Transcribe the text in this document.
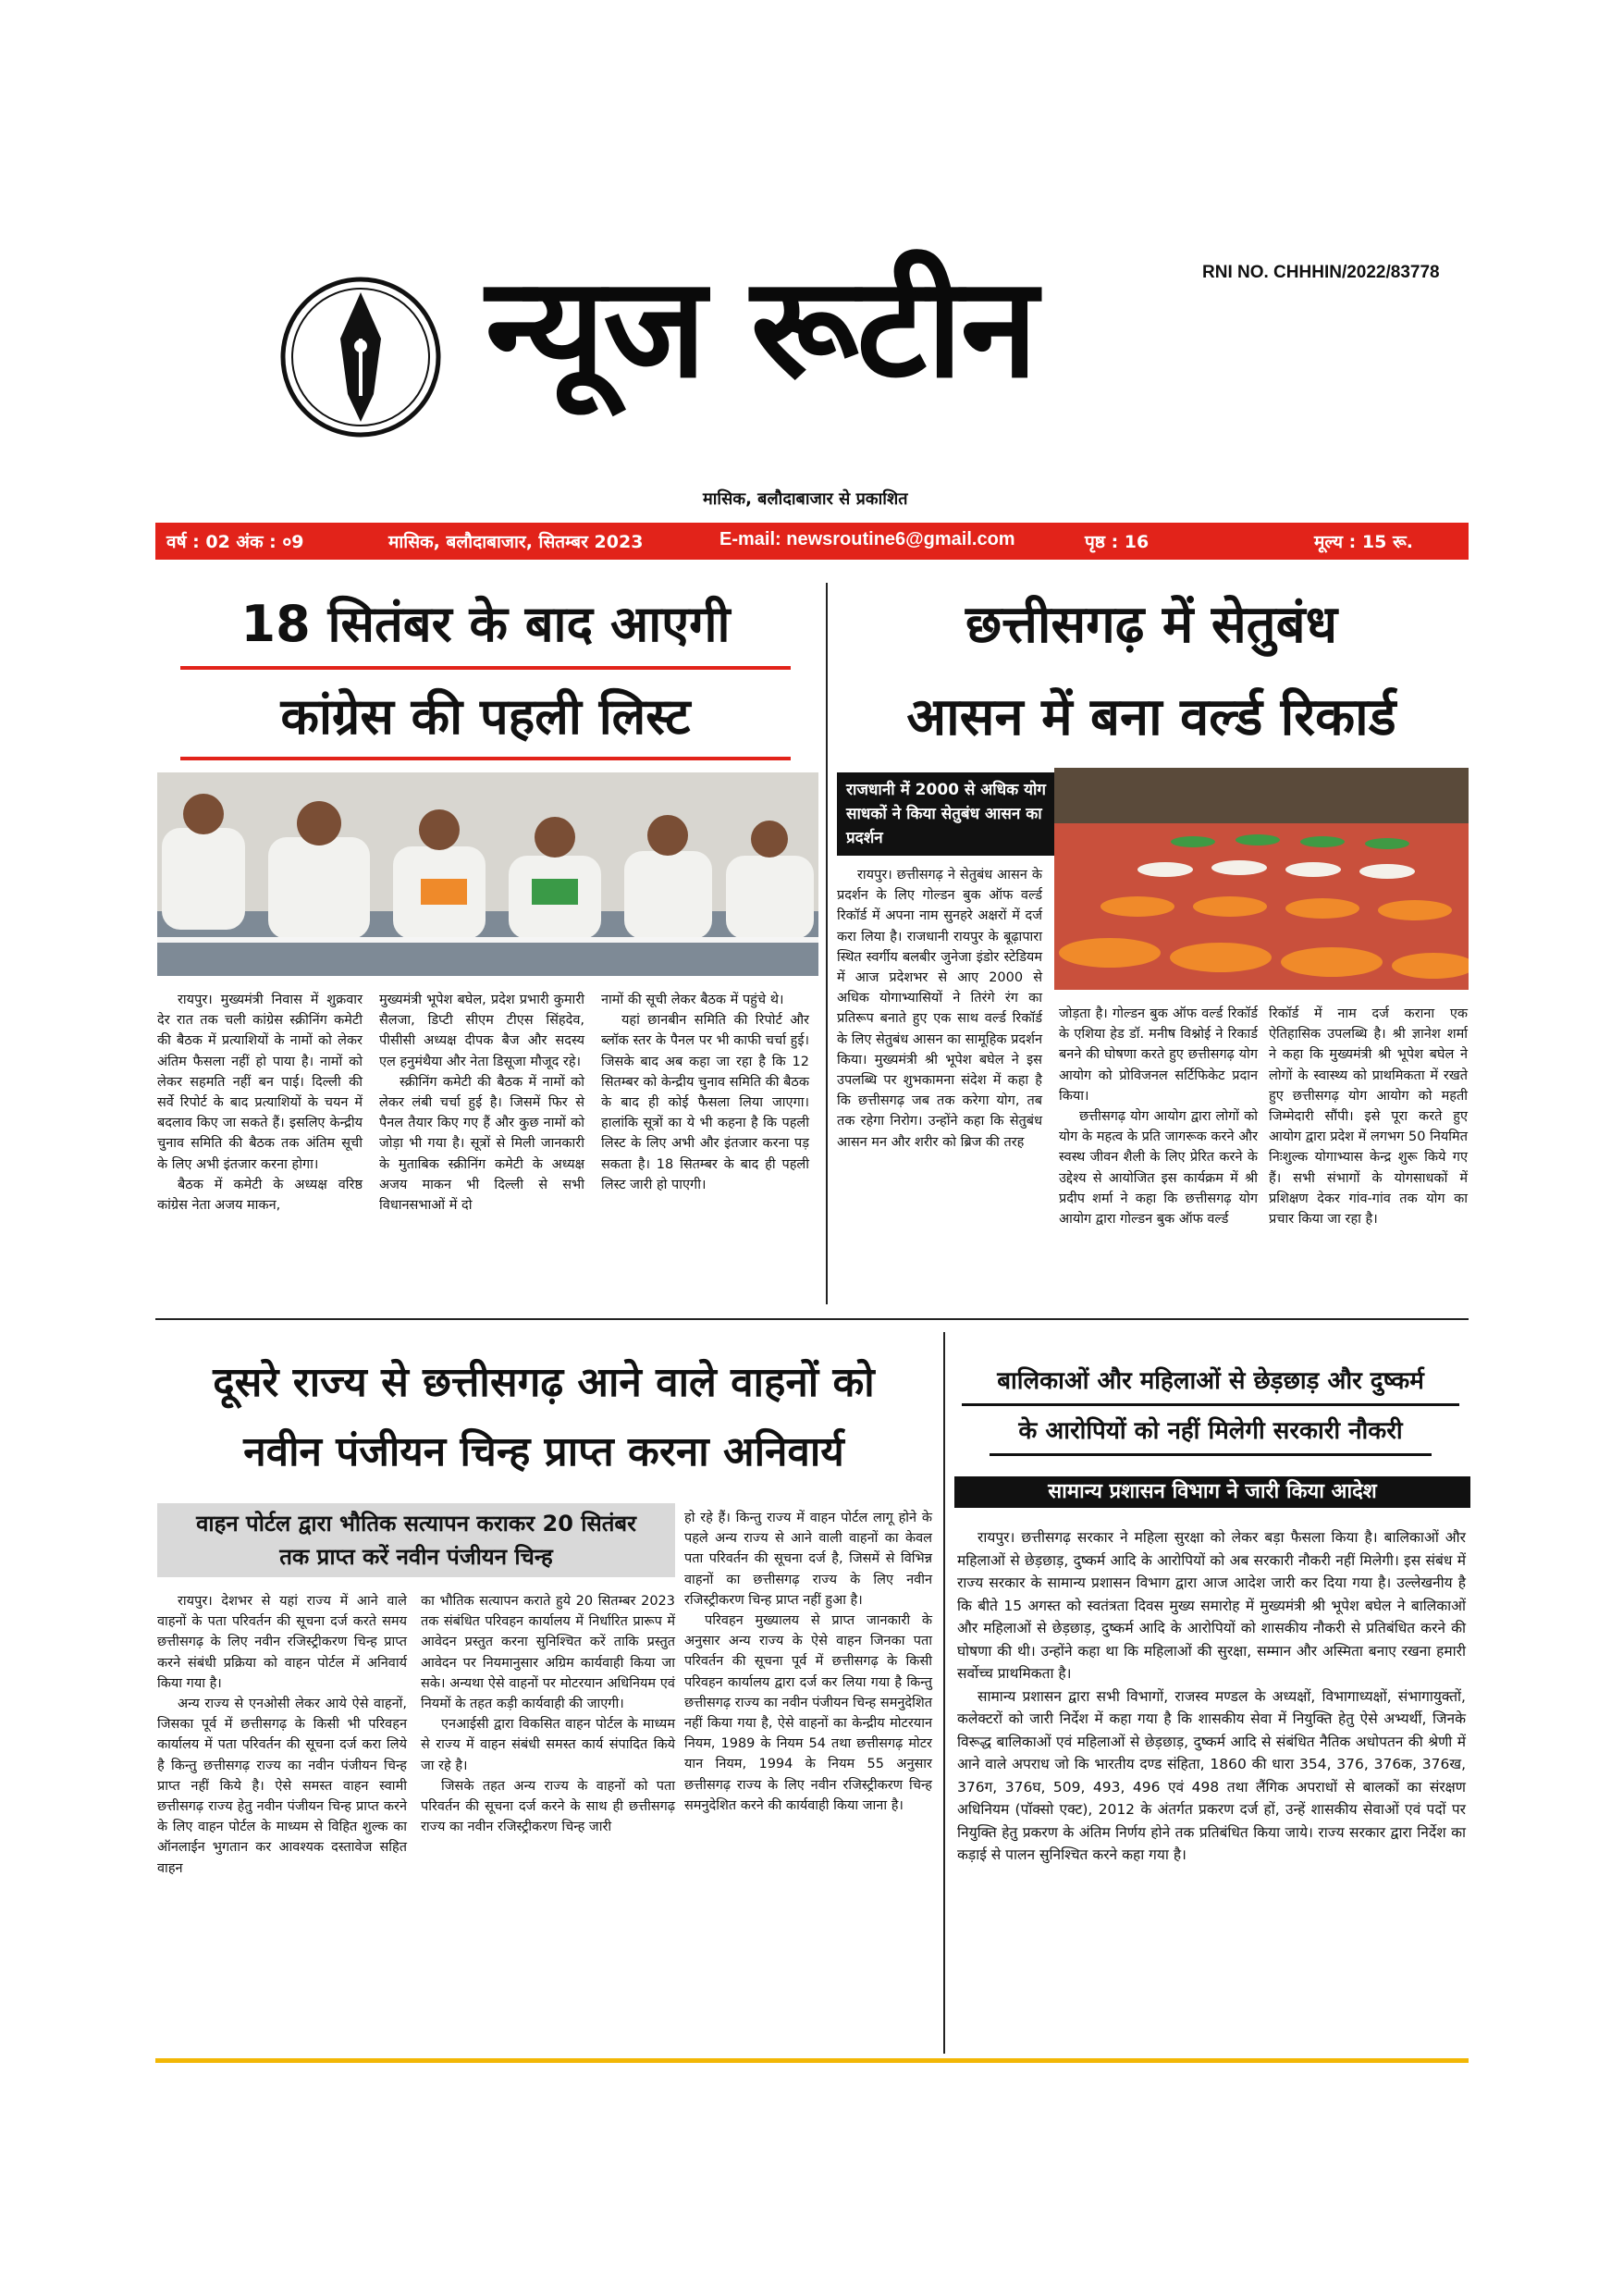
RNI NO. CHHHIN/2022/83778
न्यूज रूटीन
मासिक, बलौदाबाजार से प्रकाशित
वर्ष : 02 अंक : ०9	मासिक, बलौदाबाजार, सितम्बर 2023	E-mail: newsroutine6@gmail.com	पृष्ठ : 16	मूल्य : 15 रू.
18 सितंबर के बाद आएगी
कांग्रेस की पहली लिस्ट

रायपुर। मुख्यमंत्री निवास में शुक्रवार देर रात तक चली कांग्रेस स्क्रीनिंग कमेटी की बैठक में प्रत्याशियों के नामों को लेकर अंतिम फैसला नहीं हो पाया है। नामों को लेकर सहमति नहीं बन पाई। दिल्ली की सर्वे रिपोर्ट के बाद प्रत्याशियों के चयन में बदलाव किए जा सकते हैं। इसलिए केन्द्रीय चुनाव समिति की बैठक तक अंतिम सूची के लिए अभी इंतजार करना होगा।

बैठक में कमेटी के अध्यक्ष वरिष्ठ कांग्रेस नेता अजय माकन,

मुख्यमंत्री भूपेश बघेल, प्रदेश प्रभारी कुमारी सैलजा, डिप्टी सीएम टीएस सिंहदेव, पीसीसी अध्यक्ष दीपक बैज और सदस्य एल हनुमंथैया और नेता डिसूजा मौजूद रहे।

स्क्रीनिंग कमेटी की बैठक में नामों को लेकर लंबी चर्चा हुई है। जिसमें फिर से पैनल तैयार किए गए हैं और कुछ नामों को जोड़ा भी गया है। सूत्रों से मिली जानकारी के मुताबिक स्क्रीनिंग कमेटी के अध्यक्ष अजय माकन भी दिल्ली से सभी विधानसभाओं में दो

नामों की सूची लेकर बैठक में पहुंचे थे।

यहां छानबीन समिति की रिपोर्ट और ब्लॉक स्तर के पैनल पर भी काफी चर्चा हुई। जिसके बाद अब कहा जा रहा है कि 12 सितम्बर को केन्द्रीय चुनाव समिति की बैठक के बाद ही कोई फैसला लिया जाएगा। हालांकि सूत्रों का ये भी कहना है कि पहली लिस्ट के लिए अभी और इंतजार करना पड़ सकता है। 18 सितम्बर के बाद ही पहली लिस्ट जारी हो पाएगी।

छत्तीसगढ़ में सेतुबंध
आसन में बना वर्ल्ड रिकार्ड
राजधानी में 2000 से अधिक योग साधकों ने किया सेतुबंध आसन का प्रदर्शन

रायपुर। छत्तीसगढ़ ने सेतुबंध आसन के प्रदर्शन के लिए गोल्डन बुक ऑफ वर्ल्ड रिकॉर्ड में अपना नाम सुनहरे अक्षरों में दर्ज करा लिया है। राजधानी रायपुर के बूढ़ापारा स्थित स्वर्गीय बलबीर जुनेजा इंडोर स्टेडियम में आज प्रदेशभर से आए 2000 से अधिक योगाभ्यासियों ने तिरंगे रंग का प्रतिरूप बनाते हुए एक साथ वर्ल्ड रिकॉर्ड के लिए सेतुबंध आसन का सामूहिक प्रदर्शन किया। मुख्यमंत्री श्री भूपेश बघेल ने इस उपलब्धि पर शुभकामना संदेश में कहा है कि छत्तीसगढ़ जब तक करेगा योग, तब तक रहेगा निरोग। उन्होंने कहा कि सेतुबंध आसन मन और शरीर को ब्रिज की तरह

जोड़ता है। गोल्डन बुक ऑफ वर्ल्ड रिकॉर्ड के एशिया हेड डॉ. मनीष विश्नोई ने रिकार्ड बनने की घोषणा करते हुए छत्तीसगढ़ योग आयोग को प्रोविजनल सर्टिफिकेट प्रदान किया।

छत्तीसगढ़ योग आयोग द्वारा लोगों को योग के महत्व के प्रति जागरूक करने और स्वस्थ जीवन शैली के लिए प्रेरित करने के उद्देश्य से आयोजित इस कार्यक्रम में श्री प्रदीप शर्मा ने कहा कि छत्तीसगढ़ योग आयोग द्वारा गोल्डन बुक ऑफ वर्ल्ड

रिकॉर्ड में नाम दर्ज कराना एक ऐतिहासिक उपलब्धि है। श्री ज्ञानेश शर्मा ने कहा कि मुख्यमंत्री श्री भूपेश बघेल ने लोगों के स्वास्थ्य को प्राथमिकता में रखते हुए छत्तीसगढ़ योग आयोग को महती जिम्मेदारी सौंपी। इसे पूरा करते हुए आयोग द्वारा प्रदेश में लगभग 50 नियमित निःशुल्क योगाभ्यास केन्द्र शुरू किये गए हैं। सभी संभागों के योगसाधकों में प्रशिक्षण देकर गांव-गांव तक योग का प्रचार किया जा रहा है।

दूसरे राज्य से छत्तीसगढ़ आने वाले वाहनों को
नवीन पंजीयन चिन्ह प्राप्त करना अनिवार्य
वाहन पोर्टल द्वारा भौतिक सत्यापन कराकर 20 सितंबर
तक प्राप्त करें नवीन पंजीयन चिन्ह

रायपुर। देशभर से यहां राज्य में आने वाले वाहनों के पता परिवर्तन की सूचना दर्ज करते समय छत्तीसगढ़ के लिए नवीन रजिस्ट्रीकरण चिन्ह प्राप्त करने संबंधी प्रक्रिया को वाहन पोर्टल में अनिवार्य किया गया है।

अन्य राज्य से एनओसी लेकर आये ऐसे वाहनों, जिसका पूर्व में छत्तीसगढ़ के किसी भी परिवहन कार्यालय में पता परिवर्तन की सूचना दर्ज करा लिये है किन्तु छत्तीसगढ़ राज्य का नवीन पंजीयन चिन्ह प्राप्त नहीं किये है। ऐसे समस्त वाहन स्वामी छत्तीसगढ़ राज्य हेतु नवीन पंजीयन चिन्ह प्राप्त करने के लिए वाहन पोर्टल के माध्यम से विहित शुल्क का ऑनलाईन भुगतान कर आवश्यक दस्तावेज सहित वाहन

का भौतिक सत्यापन कराते हुये 20 सितम्बर 2023 तक संबंधित परिवहन कार्यालय में निर्धारित प्रारूप में आवेदन प्रस्तुत करना सुनिश्चित करें ताकि प्रस्तुत आवेदन पर नियमानुसार अग्रिम कार्यवाही किया जा सके। अन्यथा ऐसे वाहनों पर मोटरयान अधिनियम एवं नियमों के तहत कड़ी कार्यवाही की जाएगी।

एनआईसी द्वारा विकसित वाहन पोर्टल के माध्यम से राज्य में वाहन संबंधी समस्त कार्य संपादित किये जा रहे है।

जिसके तहत अन्य राज्य के वाहनों को पता परिवर्तन की सूचना दर्ज करने के साथ ही छत्तीसगढ़ राज्य का नवीन रजिस्ट्रीकरण चिन्ह जारी

हो रहे हैं। किन्तु राज्य में वाहन पोर्टल लागू होने के पहले अन्य राज्य से आने वाली वाहनों का केवल पता परिवर्तन की सूचना दर्ज है, जिसमें से विभिन्न वाहनों का छत्तीसगढ़ राज्य के लिए नवीन रजिस्ट्रीकरण चिन्ह प्राप्त नहीं हुआ है।

परिवहन मुख्यालय से प्राप्त जानकारी के अनुसार अन्य राज्य के ऐसे वाहन जिनका पता परिवर्तन की सूचना पूर्व में छत्तीसगढ़ के किसी परिवहन कार्यालय द्वारा दर्ज कर लिया गया है किन्तु छत्तीसगढ़ राज्य का नवीन पंजीयन चिन्ह समनुदेशित नहीं किया गया है, ऐसे वाहनों का केन्द्रीय मोटरयान नियम, 1989 के नियम 54 तथा छत्तीसगढ़ मोटर यान नियम, 1994 के नियम 55 अनुसार छत्तीसगढ़ राज्य के लिए नवीन रजिस्ट्रीकरण चिन्ह समनुदेशित करने की कार्यवाही किया जाना है।

बालिकाओं और महिलाओं से छेड़छाड़ और दुष्कर्म
के आरोपियों को नहीं मिलेगी सरकारी नौकरी
सामान्य प्रशासन विभाग ने जारी किया आदेश

रायपुर। छत्तीसगढ़ सरकार ने महिला सुरक्षा को लेकर बड़ा फैसला किया है। बालिकाओं और महिलाओं से छेड़छाड़, दुष्कर्म आदि के आरोपियों को अब सरकारी नौकरी नहीं मिलेगी। इस संबंध में राज्य सरकार के सामान्य प्रशासन विभाग द्वारा आज आदेश जारी कर दिया गया है। उल्लेखनीय है कि बीते 15 अगस्त को स्वतंत्रता दिवस मुख्य समारोह में मुख्यमंत्री श्री भूपेश बघेल ने बालिकाओं और महिलाओं से छेड़छाड़, दुष्कर्म आदि के आरोपियों को शासकीय नौकरी से प्रतिबंधित करने की घोषणा की थी। उन्होंने कहा था कि महिलाओं की सुरक्षा, सम्मान और अस्मिता बनाए रखना हमारी सर्वोच्च प्राथमिकता है।

सामान्य प्रशासन द्वारा सभी विभागों, राजस्व मण्डल के अध्यक्षों, विभागाध्यक्षों, संभागायुक्तों, कलेक्टरों को जारी निर्देश में कहा गया है कि शासकीय सेवा में नियुक्ति हेतु ऐसे अभ्यर्थी, जिनके विरूद्ध बालिकाओं एवं महिलाओं से छेड़छाड़, दुष्कर्म आदि से संबंधित नैतिक अधोपतन की श्रेणी में आने वाले अपराध जो कि भारतीय दण्ड संहिता, 1860 की धारा 354, 376, 376क, 376ख, 376ग, 376घ, 509, 493, 496 एवं 498 तथा लैंगिक अपराधों से बालकों का संरक्षण अधिनियम (पॉक्सो एक्ट), 2012 के अंतर्गत प्रकरण दर्ज हों, उन्हें शासकीय सेवाओं एवं पदों पर नियुक्ति हेतु प्रकरण के अंतिम निर्णय होने तक प्रतिबंधित किया जाये। राज्य सरकार द्वारा निर्देश का कड़ाई से पालन सुनिश्चित करने कहा गया है।
